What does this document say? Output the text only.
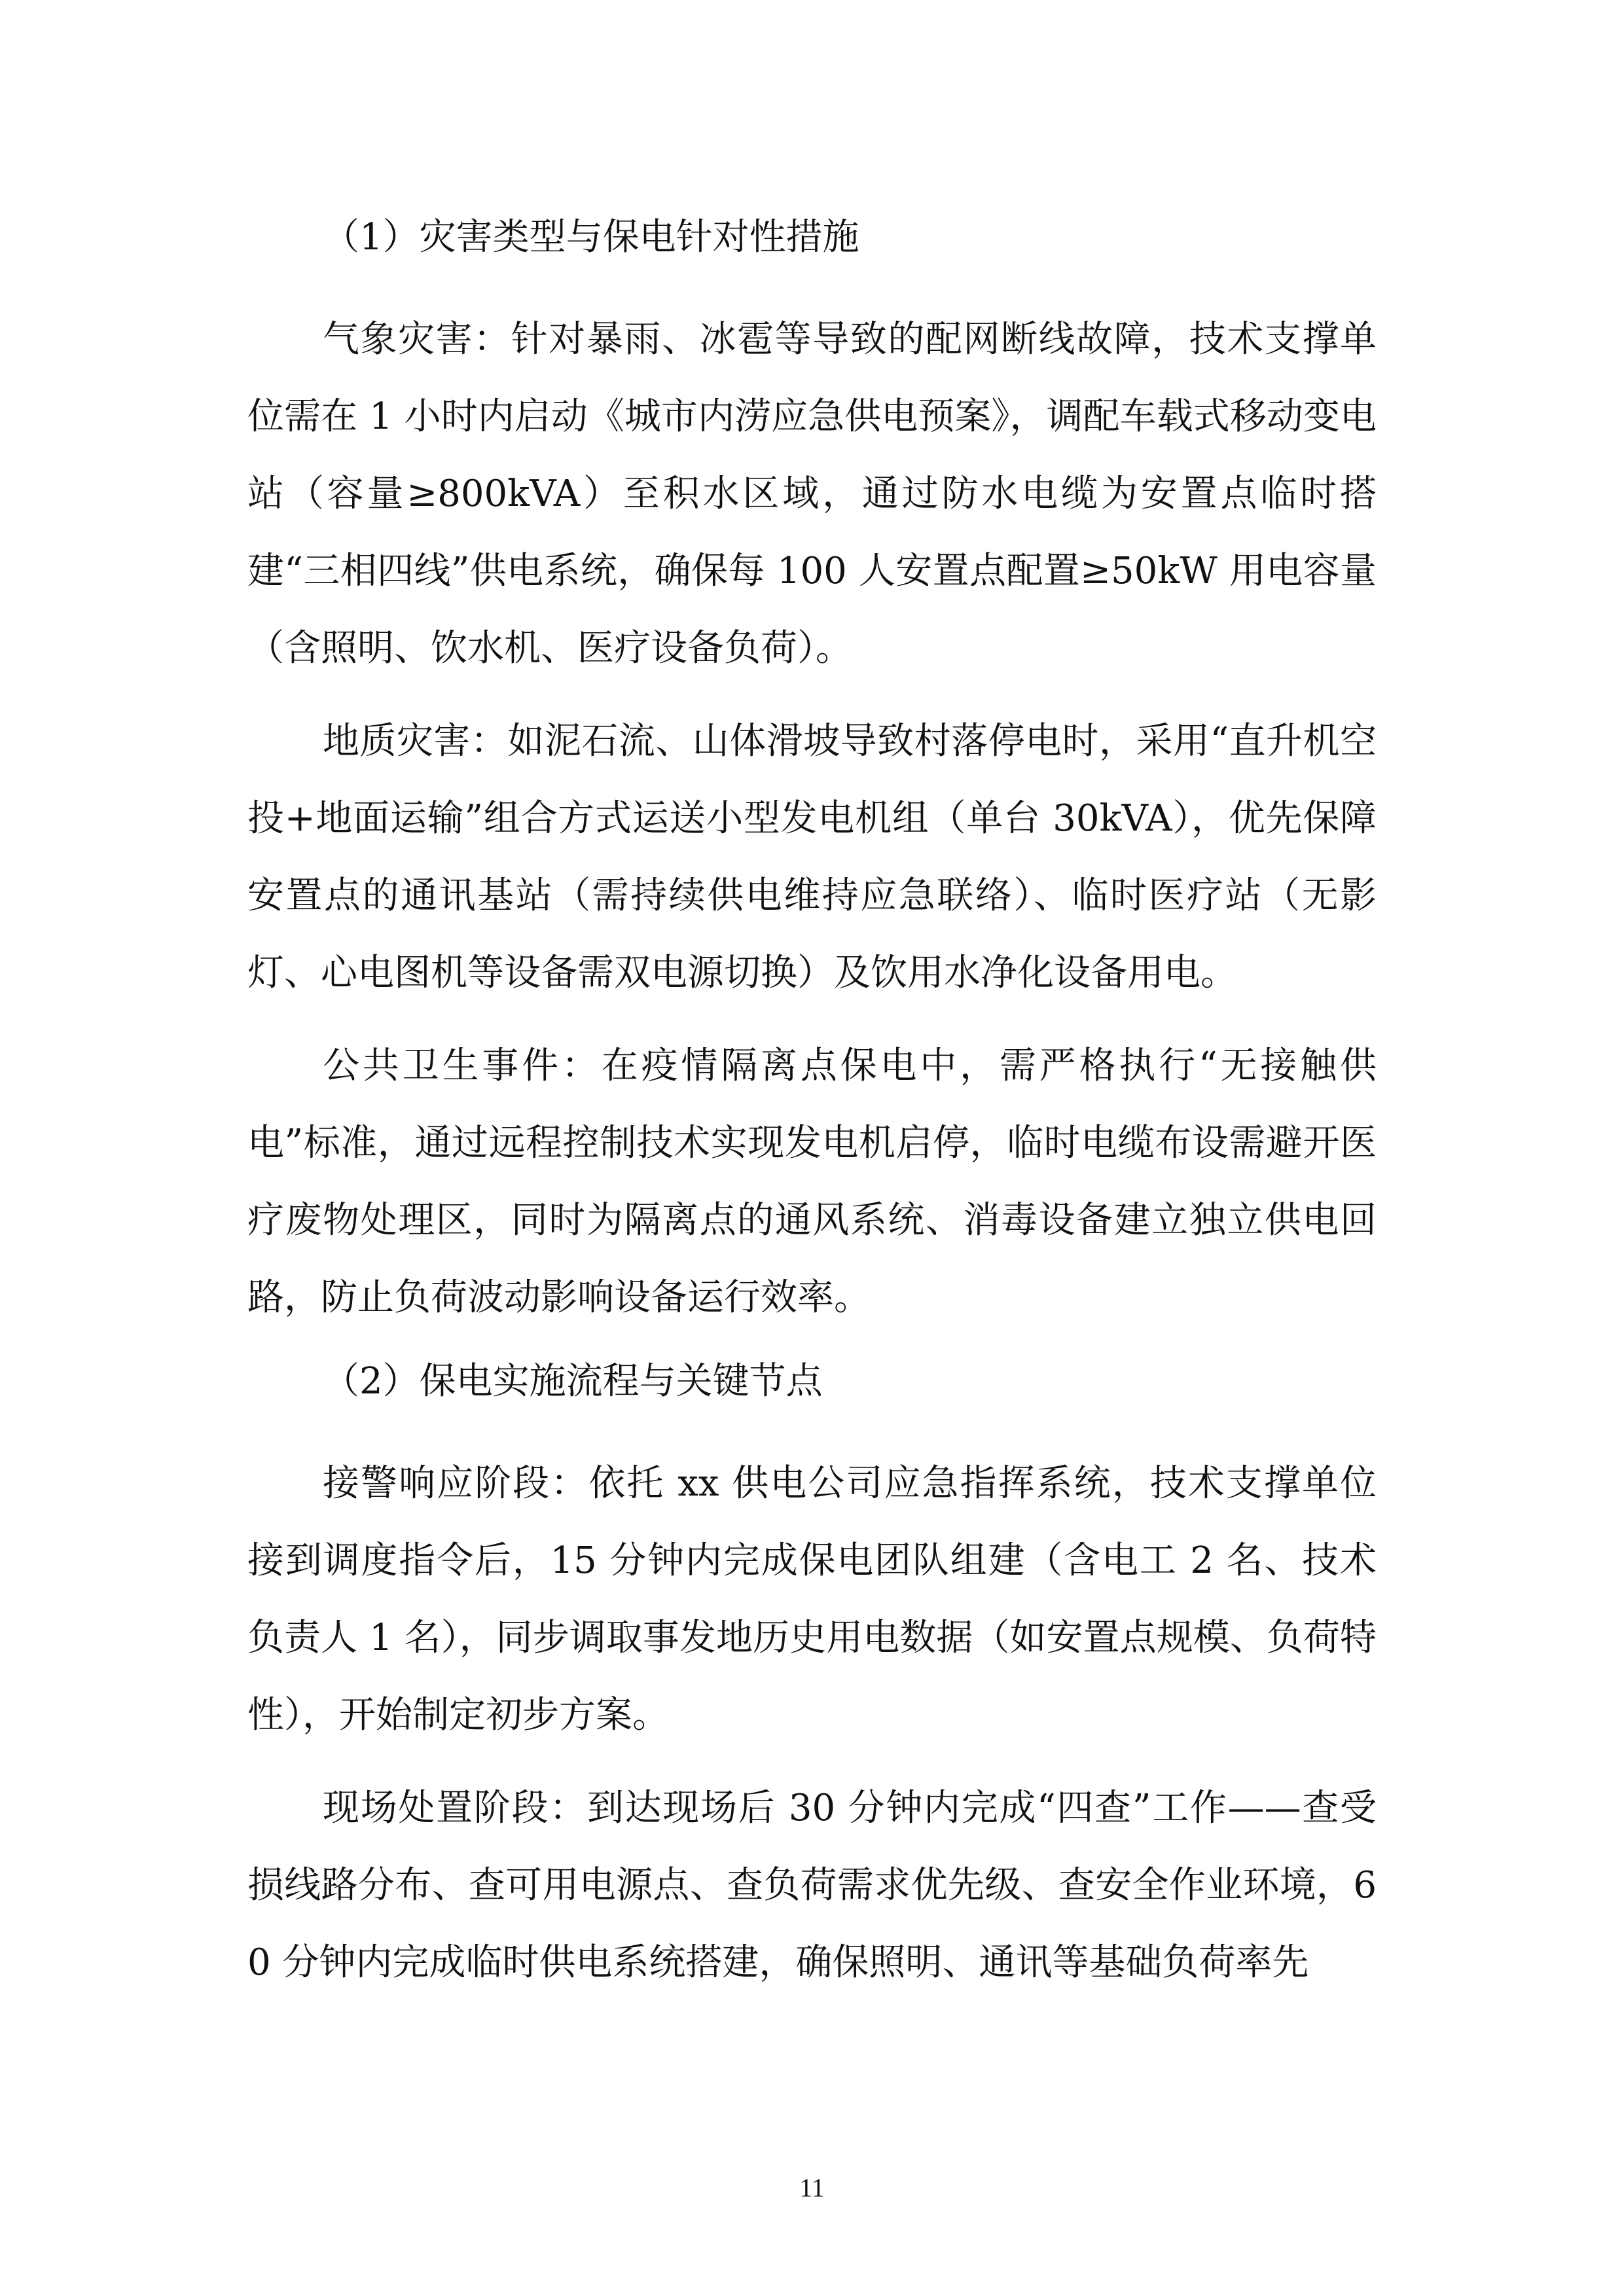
（1）灾害类型与保电针对性措施

气象灾害：针对暴雨、冰雹等导致的配网断线故障，技术支撑单位需在 1 小时内启动《城市内涝应急供电预案》，调配车载式移动变电站（容量≥800kVA）至积水区域，通过防水电缆为安置点临时搭建“三相四线”供电系统，确保每 100 人安置点配置≥50kW 用电容量（含照明、饮水机、医疗设备负荷）。

地质灾害：如泥石流、山体滑坡导致村落停电时，采用“直升机空投+地面运输”组合方式运送小型发电机组（单台 30kVA），优先保障安置点的通讯基站（需持续供电维持应急联络）、临时医疗站（无影灯、心电图机等设备需双电源切换）及饮用水净化设备用电。

公共卫生事件：在疫情隔离点保电中，需严格执行“无接触供电”标准，通过远程控制技术实现发电机启停，临时电缆布设需避开医疗废物处理区，同时为隔离点的通风系统、消毒设备建立独立供电回路，防止负荷波动影响设备运行效率。

（2）保电实施流程与关键节点

接警响应阶段：依托 xx 供电公司应急指挥系统，技术支撑单位接到调度指令后，15 分钟内完成保电团队组建（含电工 2 名、技术负责人 1 名），同步调取事发地历史用电数据（如安置点规模、负荷特性），开始制定初步方案。

现场处置阶段：到达现场后 30 分钟内完成“四查”工作——查受损线路分布、查可用电源点、查负荷需求优先级、查安全作业环境，60 分钟内完成临时供电系统搭建，确保照明、通讯等基础负荷率先

11
